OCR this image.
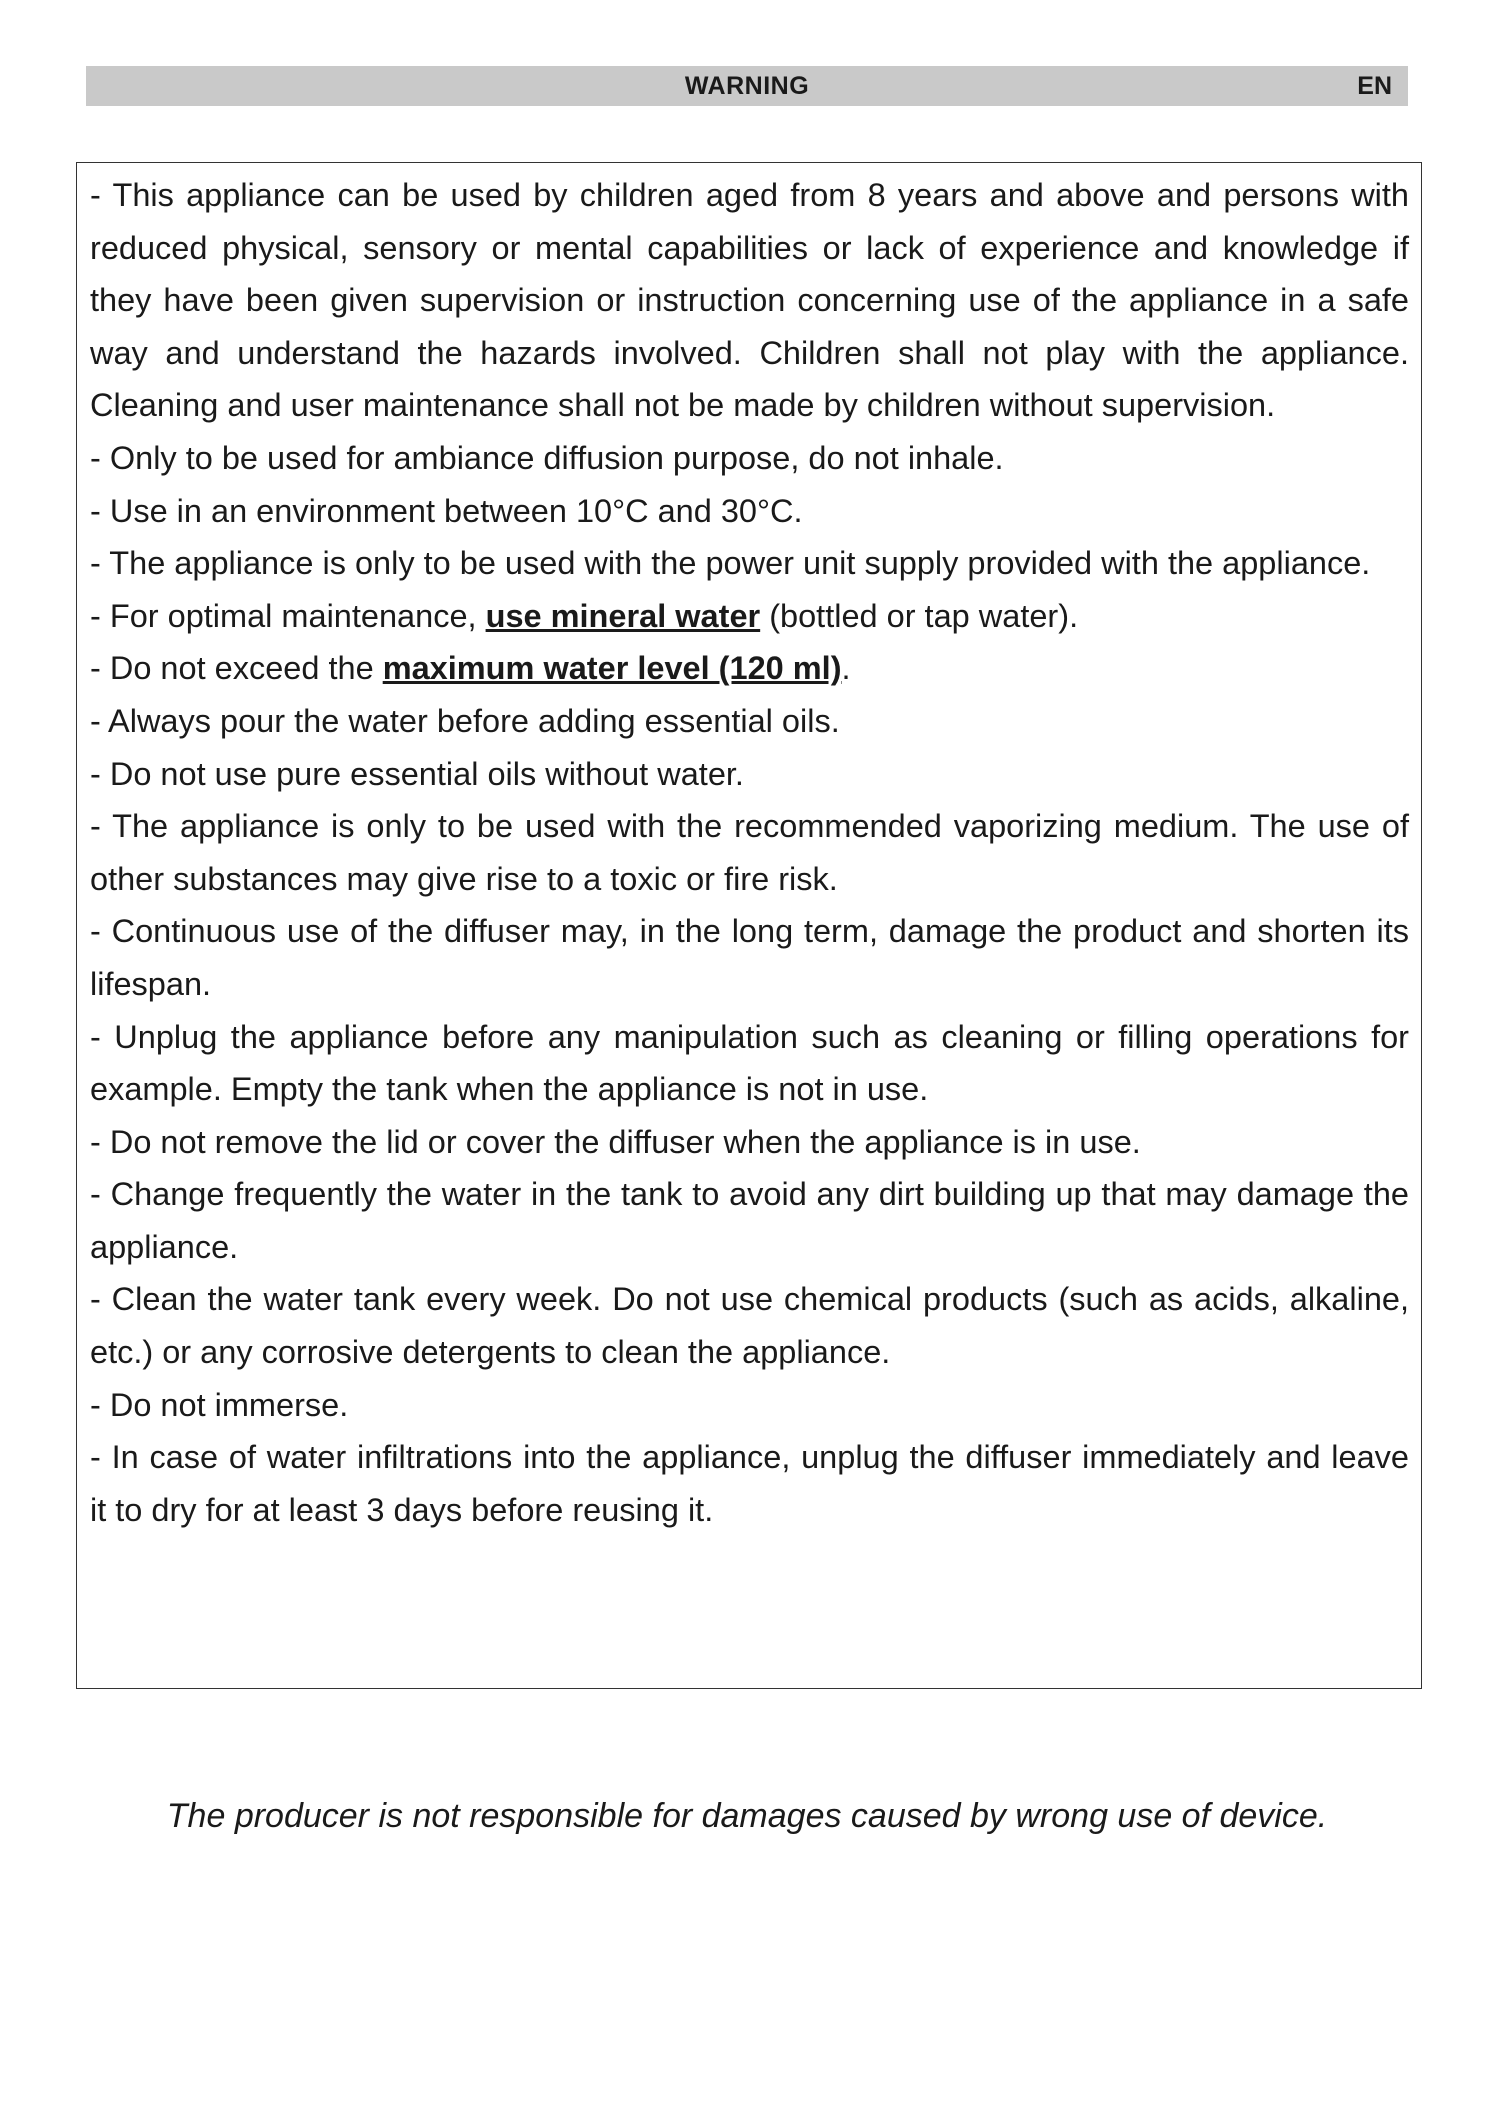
WARNING	EN

- This appliance can be used by children aged from 8 years and above and persons with reduced physical, sensory or mental capabilities or lack of experience and knowledge if they have been given supervision or instruction concerning use of the appliance in a safe way and understand the hazards involved. Children shall not play with the appliance. Cleaning and user maintenance shall not be made by children without supervision.

- Only to be used for ambiance diffusion purpose, do not inhale.

- Use in an environment between 10°C and 30°C.

- The appliance is only to be used with the power unit supply provided with the appliance.

- For optimal maintenance, use mineral water (bottled or tap water).

- Do not exceed the maximum water level (120 ml).

- Always pour the water before adding essential oils.

- Do not use pure essential oils without water.

- The appliance is only to be used with the recommended vaporizing medium. The use of other substances may give rise to a toxic or fire risk.

- Continuous use of the diffuser may, in the long term, damage the product and shorten its lifespan.

- Unplug the appliance before any manipulation such as cleaning or filling operations for example. Empty the tank when the appliance is not in use.

- Do not remove the lid or cover the diffuser when the appliance is in use.

- Change frequently the water in the tank to avoid any dirt building up that may damage the appliance.

- Clean the water tank every week. Do not use chemical products (such as acids, alkaline, etc.) or any corrosive detergents to clean the appliance.

- Do not immerse.

- In case of water infiltrations into the appliance, unplug the diffuser immediately and leave it to dry for at least 3 days before reusing it.

The producer is not responsible for damages caused by wrong use of device.
